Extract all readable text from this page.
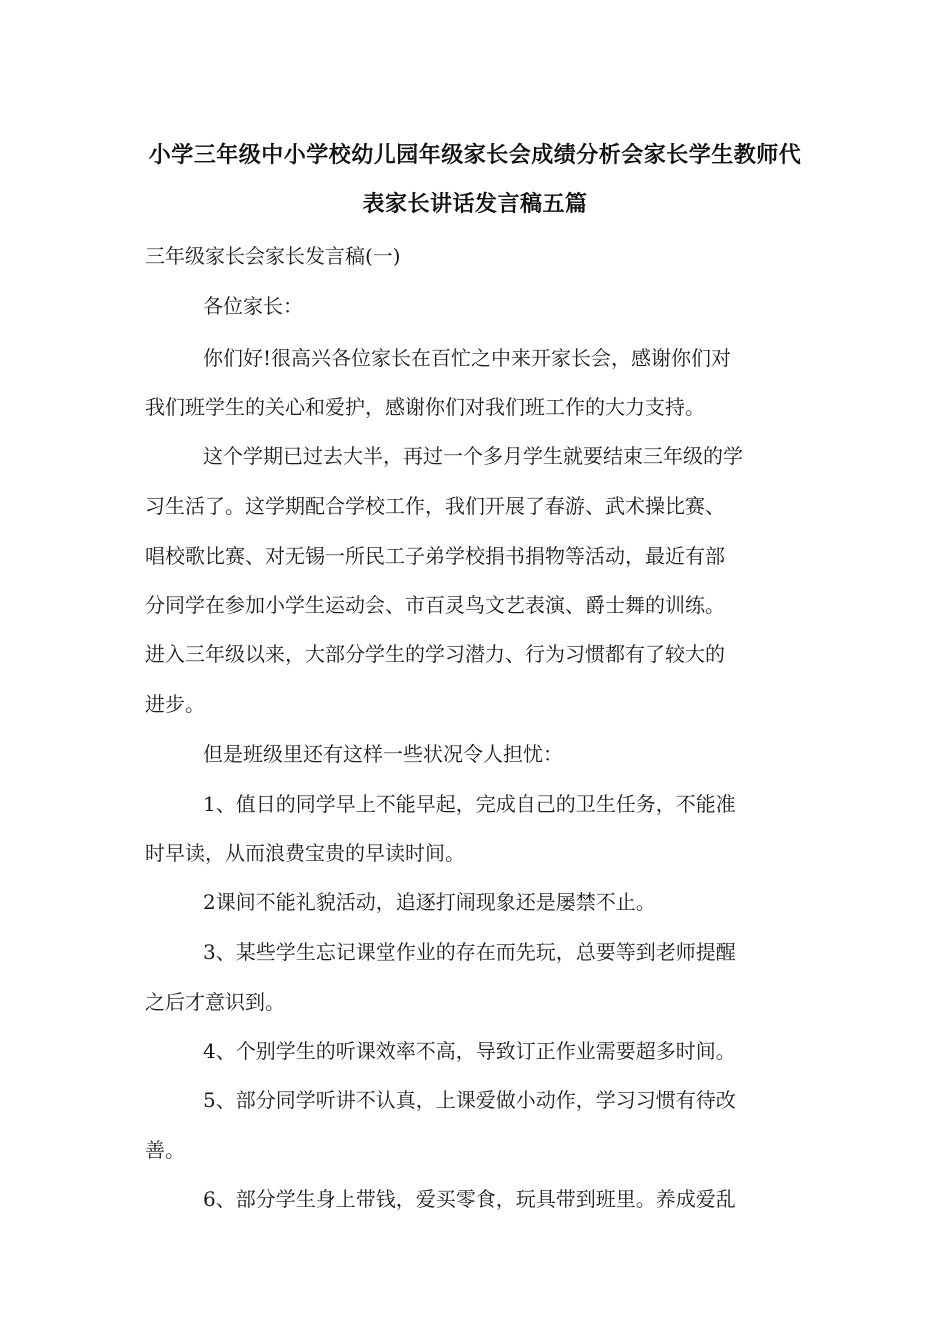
小学三年级中小学校幼儿园年级家长会成绩分析会家长学生教师代
表家长讲话发言稿五篇
三年级家长会家长发言稿(一)
各位家长：
你们好!很高兴各位家长在百忙之中来开家长会，感谢你们对
我们班学生的关心和爱护，感谢你们对我们班工作的大力支持。
这个学期已过去大半，再过一个多月学生就要结束三年级的学
习生活了。这学期配合学校工作，我们开展了春游、武术操比赛、
唱校歌比赛、对无锡一所民工子弟学校捐书捐物等活动，最近有部
分同学在参加小学生运动会、市百灵鸟文艺表演、爵士舞的训练。
进入三年级以来，大部分学生的学习潜力、行为习惯都有了较大的
进步。
但是班级里还有这样一些状况令人担忧：
1、值日的同学早上不能早起，完成自己的卫生任务，不能准
时早读，从而浪费宝贵的早读时间。
2课间不能礼貌活动，追逐打闹现象还是屡禁不止。
3、某些学生忘记课堂作业的存在而先玩，总要等到老师提醒
之后才意识到。
4、个别学生的听课效率不高，导致订正作业需要超多时间。
5、部分同学听讲不认真，上课爱做小动作，学习习惯有待改
善。
6、部分学生身上带钱，爱买零食，玩具带到班里。养成爱乱
